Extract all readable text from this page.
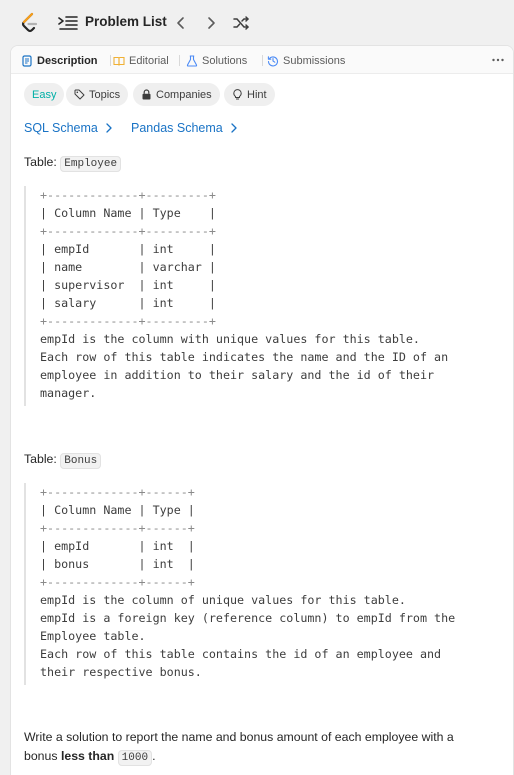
Problem List
Description	Editorial	Solutions	Submissions
Easy	Topics	Companies	Hint
SQL Schema	Pandas Schema
Table: Employee
+-------------+---------+
| Column Name | Type    |
+-------------+---------+
| empId       | int     |
| name        | varchar |
| supervisor  | int     |
| salary      | int     |
+-------------+---------+
empId is the column with unique values for this table.
Each row of this table indicates the name and the ID of an
employee in addition to their salary and the id of their
manager.
Table: Bonus
+-------------+------+
| Column Name | Type |
+-------------+------+
| empId       | int  |
| bonus       | int  |
+-------------+------+
empId is the column of unique values for this table.
empId is a foreign key (reference column) to empId from the
Employee table.
Each row of this table contains the id of an employee and
their respective bonus.
Write a solution to report the name and bonus amount of each employee with a
bonus less than 1000 .
